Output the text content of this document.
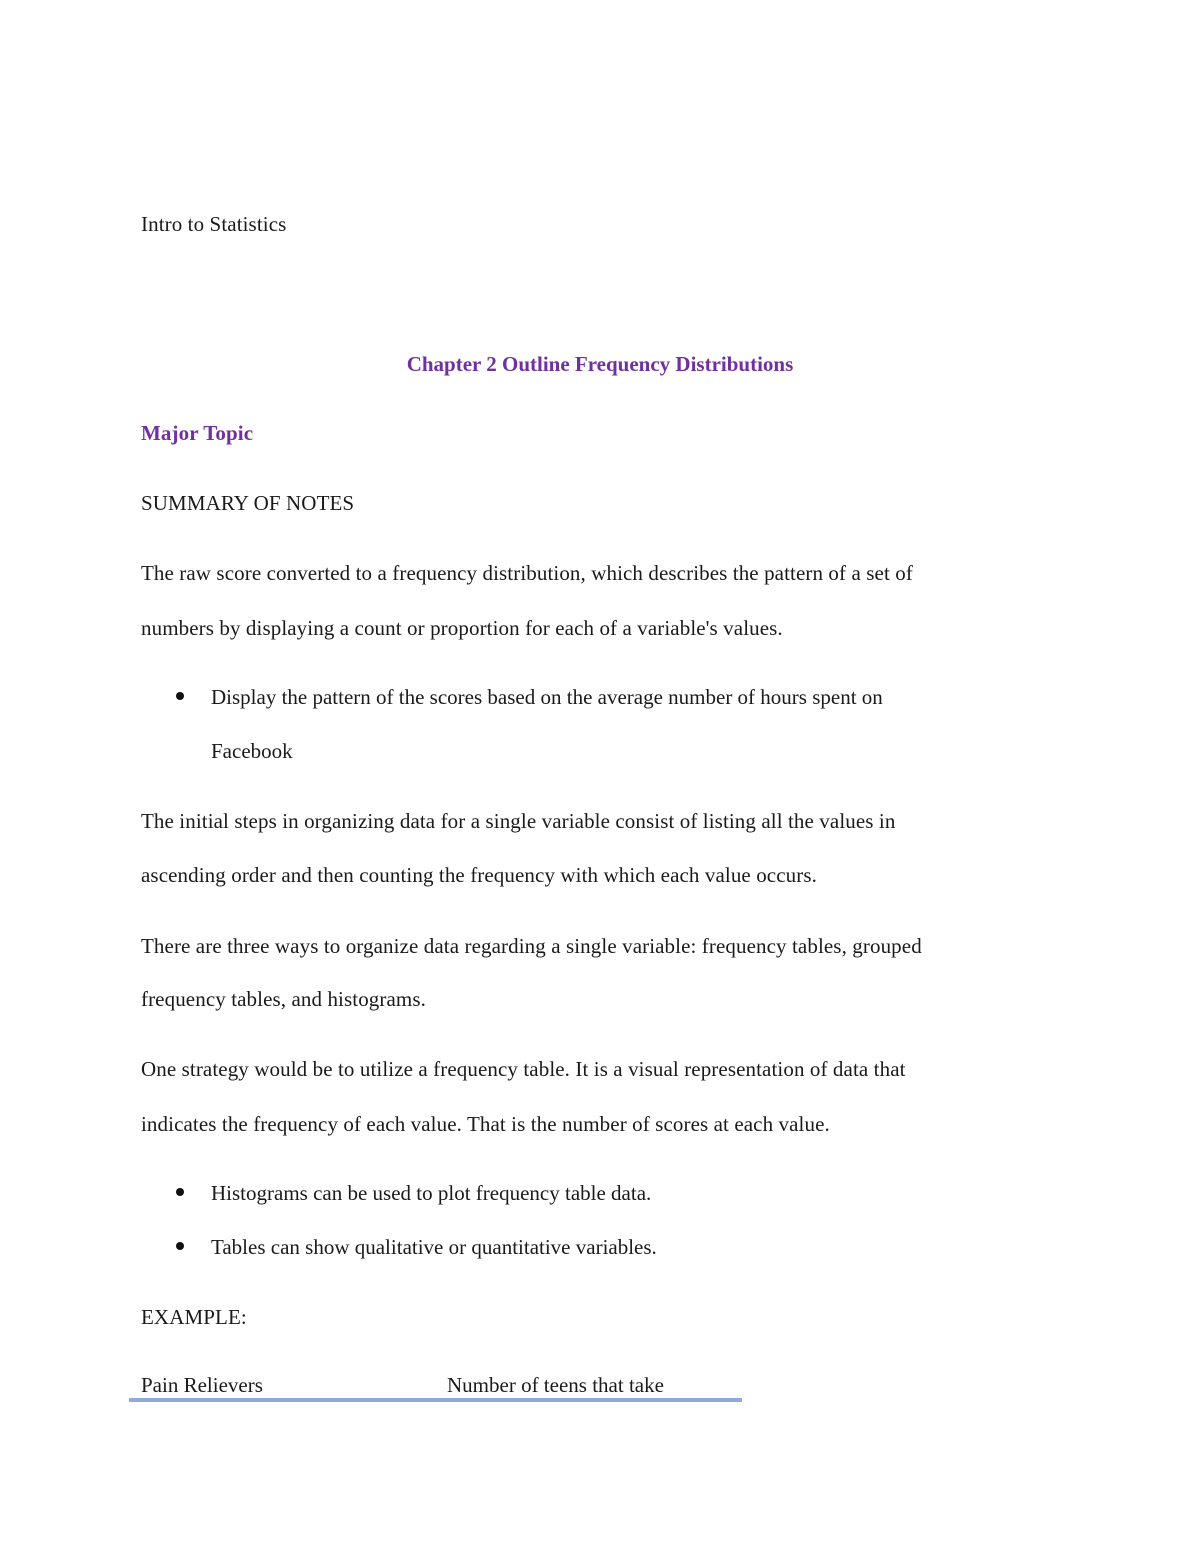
Intro to Statistics
Chapter 2 Outline Frequency Distributions
Major Topic
SUMMARY OF NOTES
The raw score converted to a frequency distribution, which describes the pattern of a set of
numbers by displaying a count or proportion for each of a variable's values.
Display the pattern of the scores based on the average number of hours spent on
Facebook
The initial steps in organizing data for a single variable consist of listing all the values in
ascending order and then counting the frequency with which each value occurs.
There are three ways to organize data regarding a single variable: frequency tables, grouped
frequency tables, and histograms.
One strategy would be to utilize a frequency table. It is a visual representation of data that
indicates the frequency of each value. That is the number of scores at each value.
Histograms can be used to plot frequency table data.
Tables can show qualitative or quantitative variables.
EXAMPLE:
Pain Relievers	Number of teens that take
